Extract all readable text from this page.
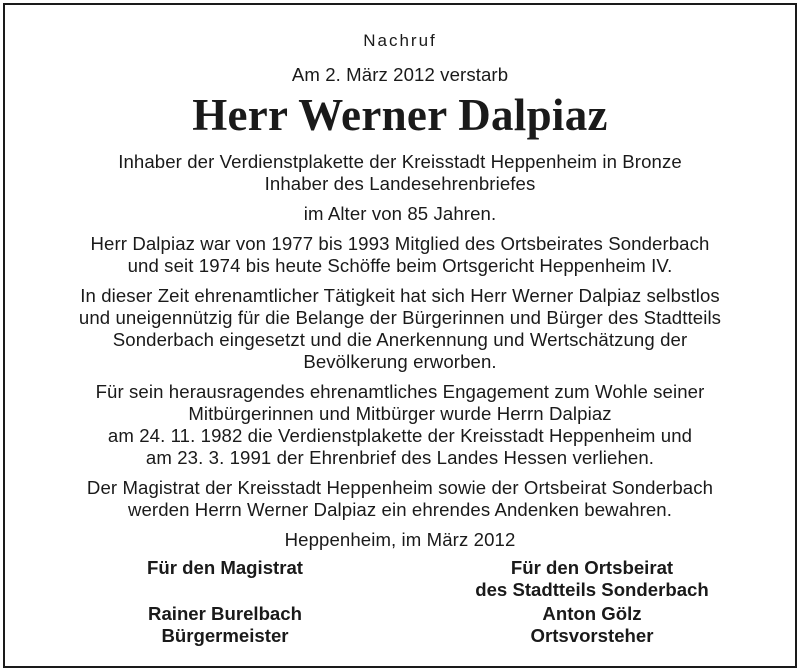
Nachruf
Am 2. März 2012 verstarb
Herr Werner Dalpiaz
Inhaber der Verdienstplakette der Kreisstadt Heppenheim in Bronze
Inhaber des Landesehrenbriefes
im Alter von 85 Jahren.
Herr Dalpiaz war von 1977 bis 1993 Mitglied des Ortsbeirates Sonderbach
und seit 1974 bis heute Schöffe beim Ortsgericht Heppenheim IV.
In dieser Zeit ehrenamtlicher Tätigkeit hat sich Herr Werner Dalpiaz selbstlos
und uneigennützig für die Belange der Bürgerinnen und Bürger des Stadtteils
Sonderbach eingesetzt und die Anerkennung und Wertschätzung der
Bevölkerung erworben.
Für sein herausragendes ehrenamtliches Engagement zum Wohle seiner
Mitbürgerinnen und Mitbürger wurde Herrn Dalpiaz
am 24. 11. 1982 die Verdienstplakette der Kreisstadt Heppenheim und
am 23. 3. 1991 der Ehrenbrief des Landes Hessen verliehen.
Der Magistrat der Kreisstadt Heppenheim sowie der Ortsbeirat Sonderbach
werden Herrn Werner Dalpiaz ein ehrendes Andenken bewahren.
Heppenheim, im März 2012
Für den Magistrat
Rainer Burelbach
Bürgermeister
Für den Ortsbeirat
des Stadtteils Sonderbach
Anton Gölz
Ortsvorsteher
